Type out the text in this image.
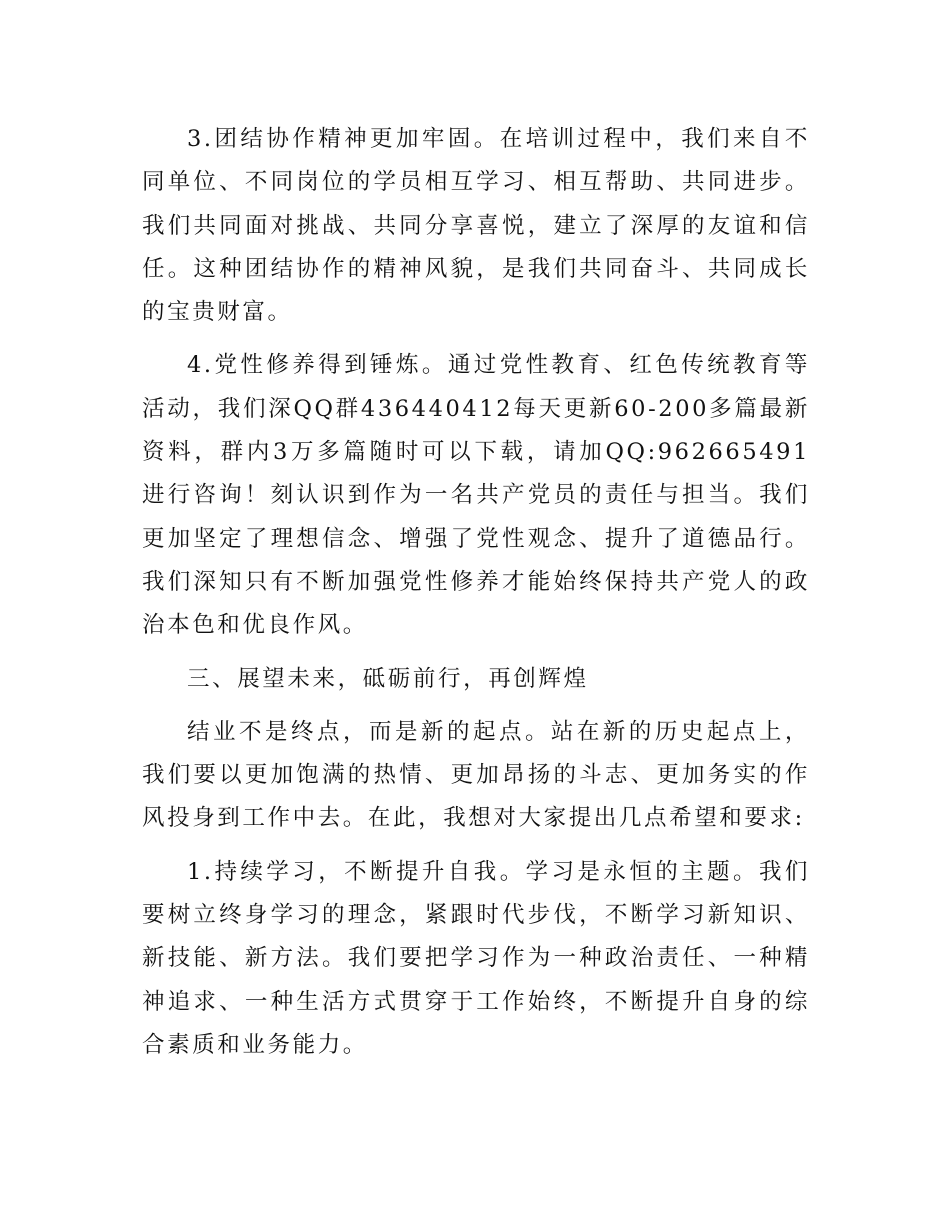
3.团结协作精神更加牢固。在培训过程中，我们来自不同单位、不同岗位的学员相互学习、相互帮助、共同进步。我们共同面对挑战、共同分享喜悦，建立了深厚的友谊和信任。这种团结协作的精神风貌，是我们共同奋斗、共同成长的宝贵财富。

4.党性修养得到锤炼。通过党性教育、红色传统教育等活动，我们深QQ群436440412每天更新60-200多篇最新资料，群内3万多篇随时可以下载，请加QQ:962665491进行咨询！刻认识到作为一名共产党员的责任与担当。我们更加坚定了理想信念、增强了党性观念、提升了道德品行。我们深知只有不断加强党性修养才能始终保持共产党人的政治本色和优良作风。

三、展望未来，砥砺前行，再创辉煌

结业不是终点，而是新的起点。站在新的历史起点上，我们要以更加饱满的热情、更加昂扬的斗志、更加务实的作风投身到工作中去。在此，我想对大家提出几点希望和要求:

1.持续学习，不断提升自我。学习是永恒的主题。我们要树立终身学习的理念，紧跟时代步伐，不断学习新知识、新技能、新方法。我们要把学习作为一种政治责任、一种精神追求、一种生活方式贯穿于工作始终，不断提升自身的综合素质和业务能力。
